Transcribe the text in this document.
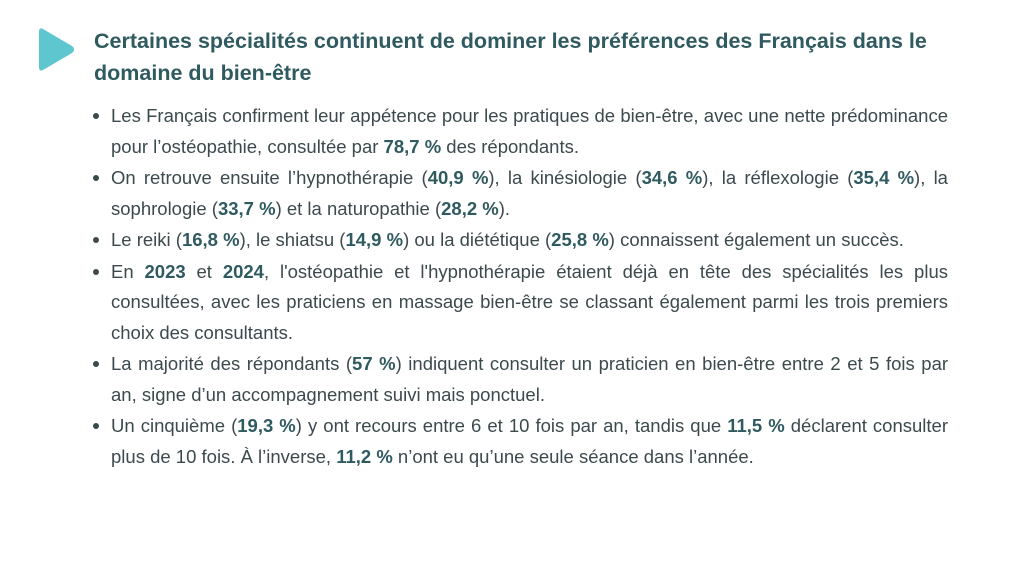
Certaines spécialités continuent de dominer les préférences des Français dans le domaine du bien-être
Les Français confirment leur appétence pour les pratiques de bien-être, avec une nette prédominance pour l’ostéopathie, consultée par 78,7 % des répondants.
On retrouve ensuite l’hypnothérapie (40,9 %), la kinésiologie (34,6 %), la réflexologie (35,4 %), la sophrologie (33,7 %) et la naturopathie (28,2 %).
Le reiki (16,8 %), le shiatsu (14,9 %) ou la diététique (25,8 %) connaissent également un succès.
En 2023 et 2024, l'ostéopathie et l'hypnothérapie étaient déjà en tête des spécialités les plus consultées, avec les praticiens en massage bien-être se classant également parmi les trois premiers choix des consultants.
La majorité des répondants (57 %) indiquent consulter un praticien en bien-être entre 2 et 5 fois par an, signe d’un accompagnement suivi mais ponctuel.
Un cinquième (19,3 %) y ont recours entre 6 et 10 fois par an, tandis que 11,5 % déclarent consulter plus de 10 fois. À l’inverse, 11,2 % n’ont eu qu’une seule séance dans l’année.
